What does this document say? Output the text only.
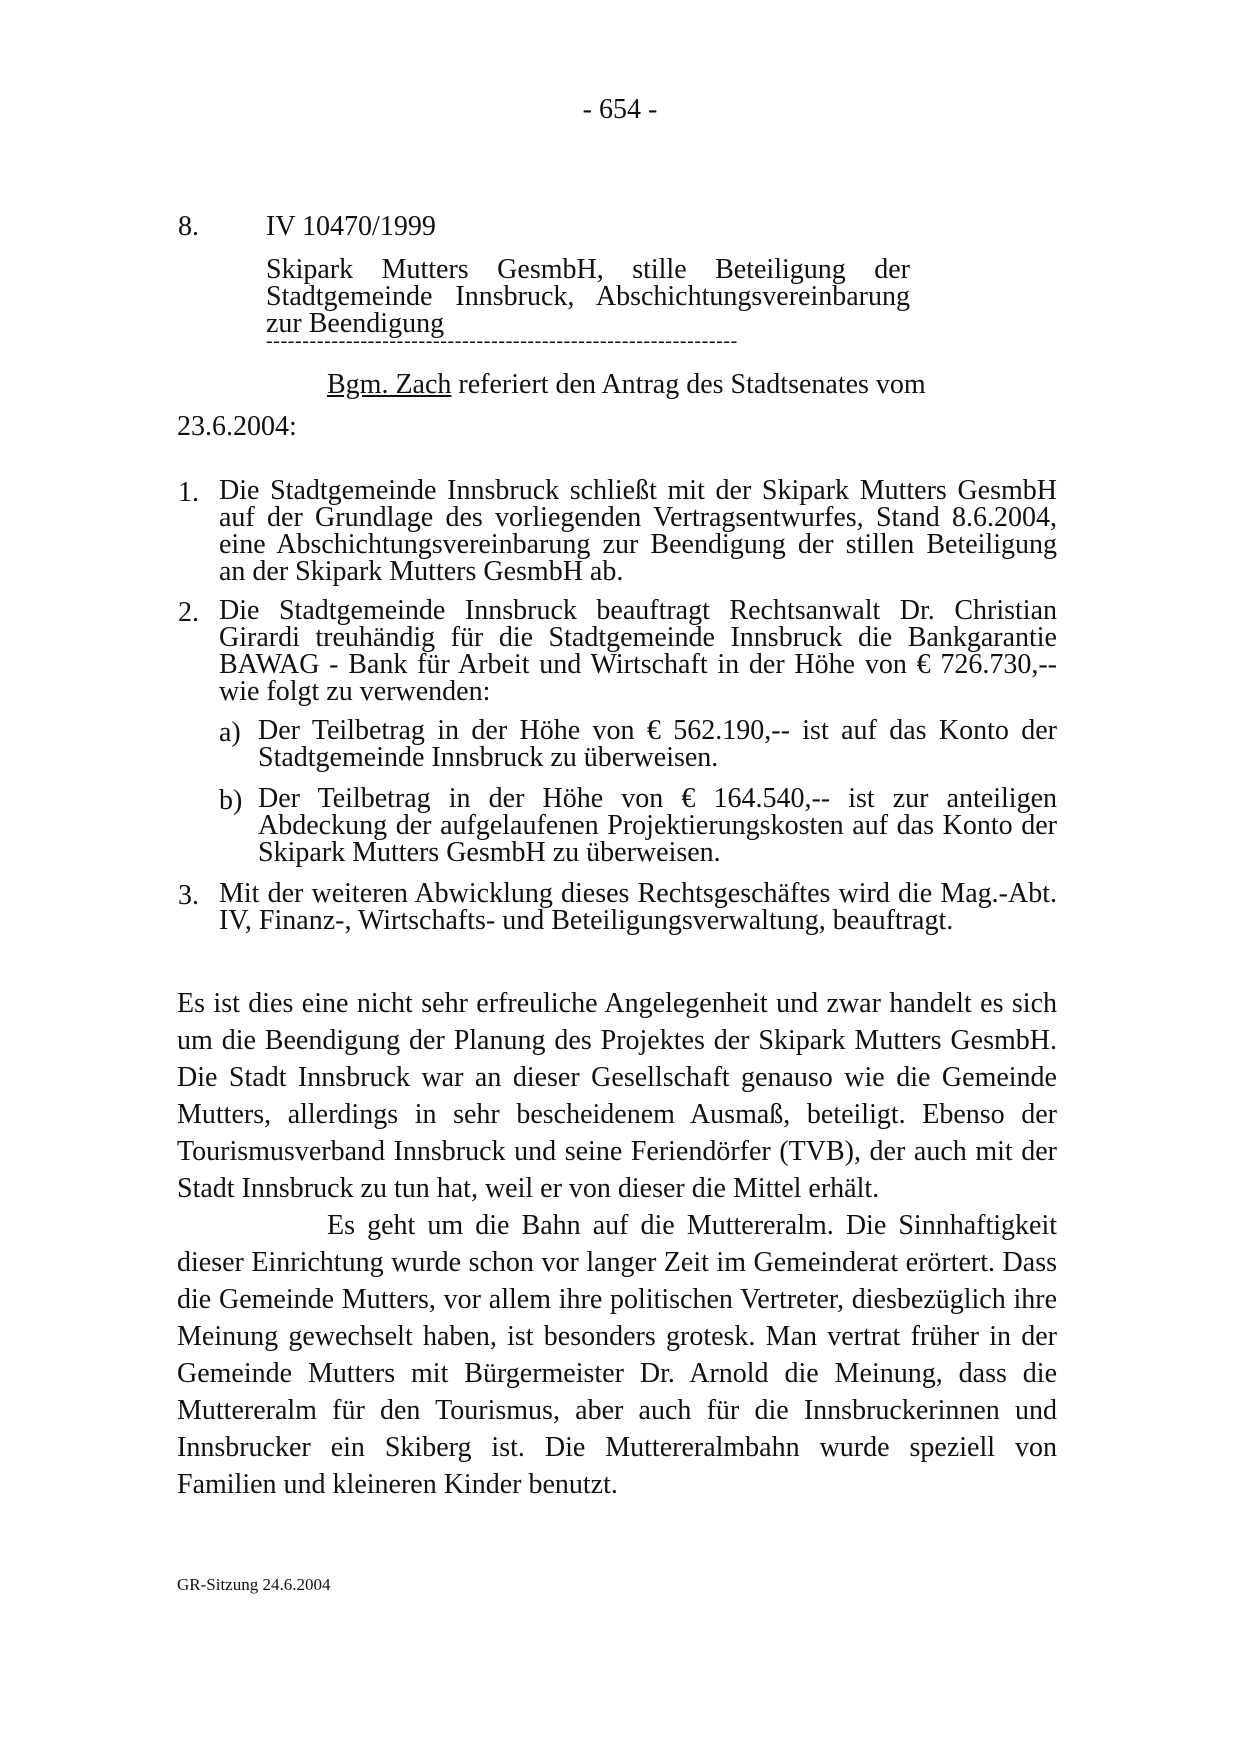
- 654 -
8. IV 10470/1999
Skipark Mutters GesmbH, stille Beteiligung der Stadtgemeinde Innsbruck, Abschichtungsvereinbarung zur Beendigung
-----------------------------------------------------------------
Bgm. Zach referiert den Antrag des Stadtsenates vom
23.6.2004:
1. Die Stadtgemeinde Innsbruck schließt mit der Skipark Mutters GesmbH auf der Grundlage des vorliegenden Vertragsentwurfes, Stand 8.6.2004, eine Abschichtungsvereinbarung zur Beendigung der stillen Beteiligung an der Skipark Mutters GesmbH ab.
2. Die Stadtgemeinde Innsbruck beauftragt Rechtsanwalt Dr. Christian Girardi treuhändig für die Stadtgemeinde Innsbruck die Bankgarantie BAWAG - Bank für Arbeit und Wirtschaft in der Höhe von € 726.730,-- wie folgt zu verwenden:
a) Der Teilbetrag in der Höhe von € 562.190,-- ist auf das Konto der Stadtgemeinde Innsbruck zu überweisen.
b) Der Teilbetrag in der Höhe von € 164.540,-- ist zur anteiligen Abdeckung der aufgelaufenen Projektierungskosten auf das Konto der Skipark Mutters GesmbH zu überweisen.
3. Mit der weiteren Abwicklung dieses Rechtsgeschäftes wird die Mag.-Abt. IV, Finanz-, Wirtschafts- und Beteiligungsverwaltung, beauftragt.
Es ist dies eine nicht sehr erfreuliche Angelegenheit und zwar handelt es sich um die Beendigung der Planung des Projektes der Skipark Mutters GesmbH. Die Stadt Innsbruck war an dieser Gesellschaft genauso wie die Gemeinde Mutters, allerdings in sehr bescheidenem Ausmaß, beteiligt. Ebenso der Tourismusverband Innsbruck und seine Feriendörfer (TVB), der auch mit der Stadt Innsbruck zu tun hat, weil er von dieser die Mittel erhält.
Es geht um die Bahn auf die Muttereralm. Die Sinnhaftigkeit dieser Einrichtung wurde schon vor langer Zeit im Gemeinderat erörtert. Dass die Gemeinde Mutters, vor allem ihre politischen Vertreter, diesbezüglich ihre Meinung gewechselt haben, ist besonders grotesk. Man vertrat früher in der Gemeinde Mutters mit Bürgermeister Dr. Arnold die Meinung, dass die Muttereralm für den Tourismus, aber auch für die Innsbruckerinnen und Innsbrucker ein Skiberg ist. Die Muttereralmbahn wurde speziell von Familien und kleineren Kinder benutzt.
GR-Sitzung 24.6.2004
